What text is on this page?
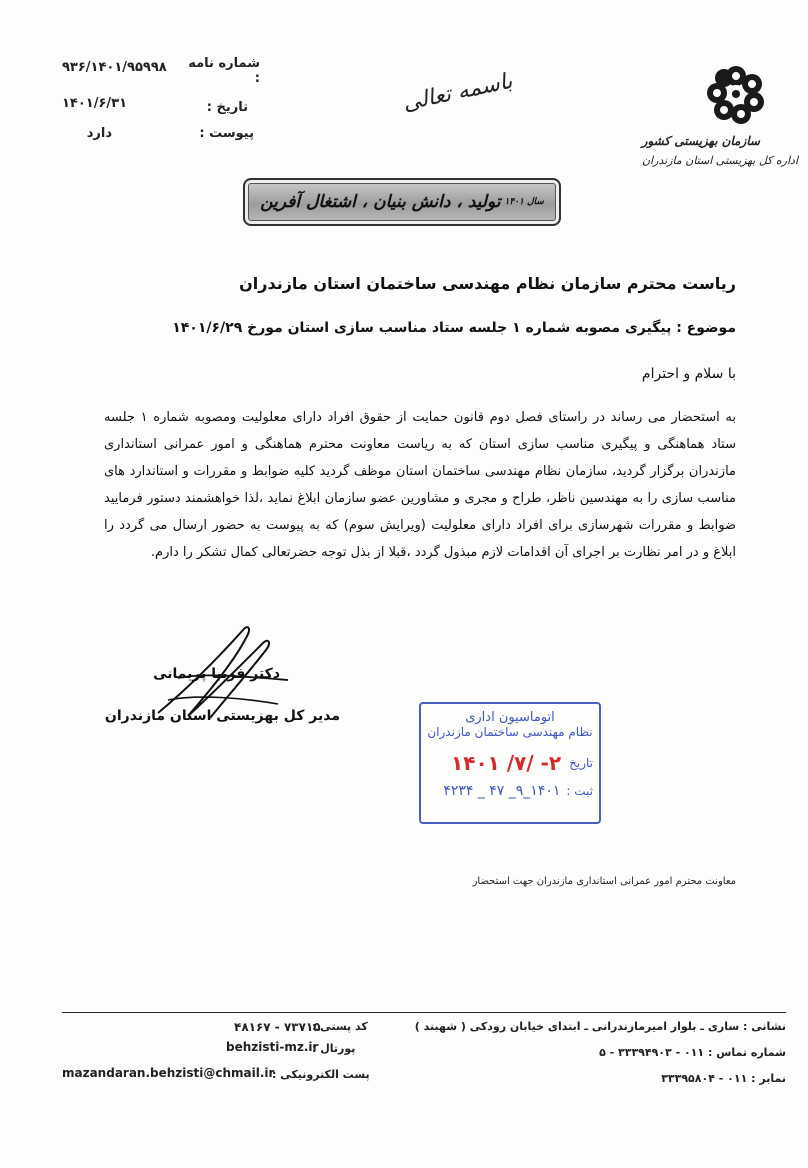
۹۳۶/۱۴۰۱/۹۵۹۹۸ شماره نامه :
۱۴۰۱/۶/۳۱	تاریخ :
دارد	پیوست :
باسمه تعالی
سازمان بهزیستی کشور
اداره کل بهزیستی استان مازندران
سال ۱۴۰۱
تولید ، دانش بنیان ، اشتغال آفرین
ریاست محترم سازمان نظام مهندسی ساختمان استان مازندران
موضوع : پیگیری مصوبه شماره ۱ جلسه ستاد مناسب سازی استان مورخ ۱۴۰۱/۶/۲۹
با سلام و احترام
به استحضار می رساند در راستای فصل دوم قانون حمایت از حقوق افراد دارای معلولیت ومصوبه شماره ۱ جلسه ستاد هماهنگی و پیگیری مناسب سازی استان که به ریاست معاونت محترم هماهنگی و امور عمرانی استانداری مازندران برگزار گردید، سازمان نظام مهندسی ساختمان استان موظف گردید کلیه ضوابط و مقررات و استاندارد های مناسب سازی را به مهندسین ناظر، طراح و مجری و مشاورین عضو سازمان ابلاغ نماید ،لذا خواهشمند دستور فرمایید ضوابط و مقررات شهرسازی برای افراد دارای معلولیت (ویرایش سوم) که به پیوست به حضور ارسال می گردد را ابلاغ و در امر نظارت بر اجرای آن اقدامات لازم مبذول گردد ،قبلا از بذل توجه حضرتعالی کمال تشکر را دارم.
دکتر فریبا پریمانی
مدیر کل بهزیستی استان مازندران	اتوماسیون اداری
نظام مهندسی ساختمان مازندران
تاریخ
۱۴۰۱ /۷/ -۲
ثبت :
۴۲۳۴ _ ۴۷ _۹_۱۴۰۱
معاونت محترم امور عمرانی استانداری مازندران جهت استحضار
نشانی : ساری ـ بلوار امیرمازندرانی ـ ابتدای خیابان رودکی ( شهبند )
شماره تماس : ۰۱۱ - ۳۳۳۹۴۹۰۳ - ۵
نمابر : ۰۱۱ - ۳۳۳۹۵۸۰۴
کد پستی :
۴۸۱۶۷ - ۷۳۷۱۵
پورتال :
behzisti-mz.ir
پست الکترونیکی :
mazandaran.behzisti@chmail.ir
